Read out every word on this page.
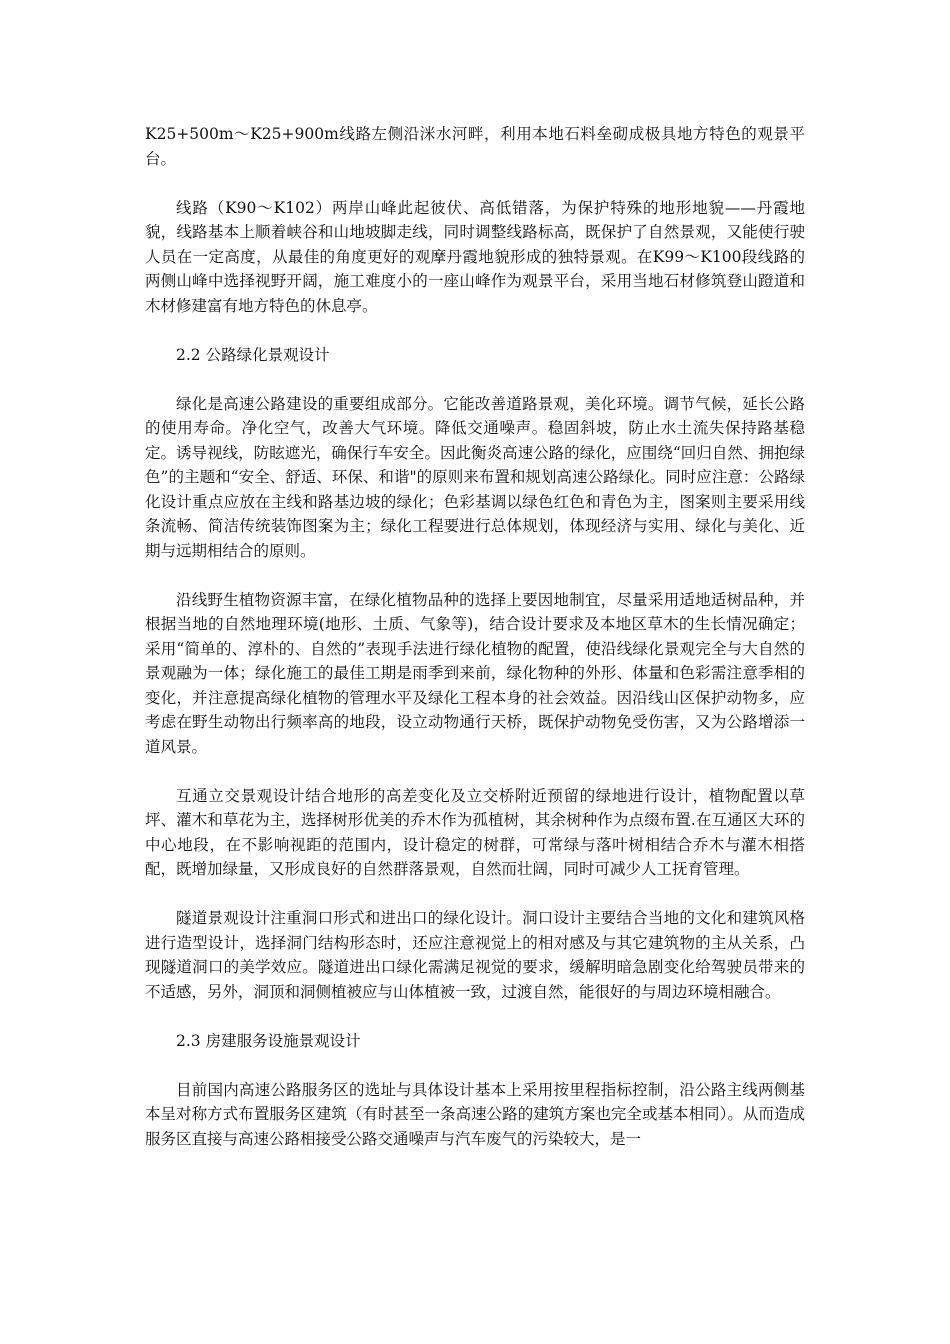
K25+500m～K25+900m线路左侧沿洣水河畔，利用本地石料垒砌成极具地方特色的观景平台。

线路（K90～K102）两岸山峰此起彼伏、高低错落，为保护特殊的地形地貌——丹霞地貌，线路基本上顺着峡谷和山地坡脚走线，同时调整线路标高，既保护了自然景观，又能使行驶人员在一定高度，从最佳的角度更好的观摩丹霞地貌形成的独特景观。在K99～K100段线路的两侧山峰中选择视野开阔，施工难度小的一座山峰作为观景平台，采用当地石材修筑登山蹬道和木材修建富有地方特色的休息亭。

2.2 公路绿化景观设计

绿化是高速公路建设的重要组成部分。它能改善道路景观，美化环境。调节气候，延长公路的使用寿命。净化空气，改善大气环境。降低交通噪声。稳固斜坡，防止水土流失保持路基稳定。诱导视线，防眩遮光，确保行车安全。因此衡炎高速公路的绿化，应围绕“回归自然、拥抱绿色”的主题和“安全、舒适、环保、和谐"的原则来布置和规划高速公路绿化。同时应注意：公路绿化设计重点应放在主线和路基边坡的绿化；色彩基调以绿色红色和青色为主，图案则主要采用线条流畅、简洁传统装饰图案为主；绿化工程要进行总体规划，体现经济与实用、绿化与美化、近期与远期相结合的原则。

沿线野生植物资源丰富，在绿化植物品种的选择上要因地制宜，尽量采用适地适树品种，并根据当地的自然地理环境(地形、土质、气象等)，结合设计要求及本地区草木的生长情况确定；采用“简单的、淳朴的、自然的”表现手法进行绿化植物的配置，使沿线绿化景观完全与大自然的景观融为一体；绿化施工的最佳工期是雨季到来前，绿化物种的外形、体量和色彩需注意季相的变化，并注意提高绿化植物的管理水平及绿化工程本身的社会效益。因沿线山区保护动物多，应考虑在野生动物出行频率高的地段，设立动物通行天桥，既保护动物免受伤害，又为公路增添一道风景。

互通立交景观设计结合地形的高差变化及立交桥附近预留的绿地进行设计，植物配置以草坪、灌木和草花为主，选择树形优美的乔木作为孤植树，其余树种作为点缀布置.在互通区大环的中心地段，在不影响视距的范围内，设计稳定的树群，可常绿与落叶树相结合乔木与灌木相搭配，既增加绿量，又形成良好的自然群落景观，自然而壮阔，同时可减少人工抚育管理。

隧道景观设计注重洞口形式和进出口的绿化设计。洞口设计主要结合当地的文化和建筑风格进行造型设计，选择洞门结构形态时，还应注意视觉上的相对感及与其它建筑物的主从关系，凸现隧道洞口的美学效应。隧道进出口绿化需满足视觉的要求，缓解明暗急剧变化给驾驶员带来的不适感，另外，洞顶和洞侧植被应与山体植被一致，过渡自然，能很好的与周边环境相融合。

2.3 房建服务设施景观设计

目前国内高速公路服务区的选址与具体设计基本上采用按里程指标控制，沿公路主线两侧基本呈对称方式布置服务区建筑（有时甚至一条高速公路的建筑方案也完全或基本相同）。从而造成服务区直接与高速公路相接受公路交通噪声与汽车废气的污染较大，是一
